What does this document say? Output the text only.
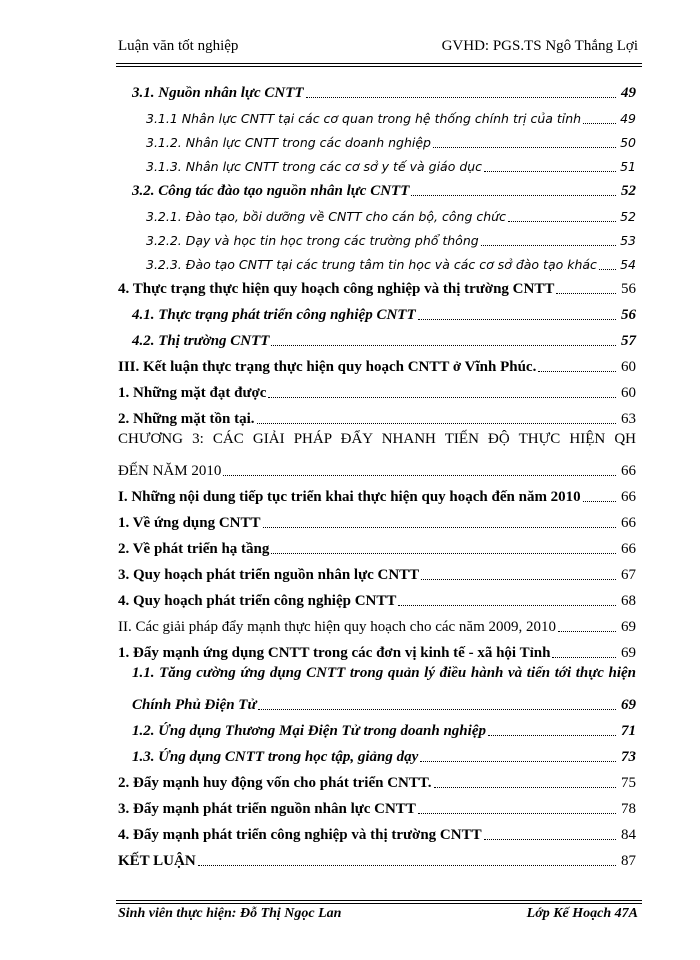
Luận văn tốt nghiệp	GVHD: PGS.TS Ngô Thắng Lợi
3.1. Nguồn nhân lực CNTT	49
3.1.1 Nhân lực CNTT tại các cơ quan trong hệ thống chính trị của tỉnh	49
3.1.2. Nhân lực CNTT trong các doanh nghiệp	50
3.1.3. Nhân lực CNTT trong các cơ sở y tế và giáo dục	51
3.2. Công tác đào tạo nguồn nhân lực CNTT	52
3.2.1. Đào tạo, bồi dưỡng về CNTT cho cán bộ, công chức	52
3.2.2. Dạy và học tin học trong các trường phổ thông	53
3.2.3. Đào tạo CNTT tại các trung tâm tin học và các cơ sở đào tạo khác 54
4. Thực trạng thực hiện quy hoạch công nghiệp và thị trường CNTT	56
4.1. Thực trạng phát triển công nghiệp CNTT	56
4.2. Thị trường CNTT	57
III. Kết luận thực trạng thực hiện quy hoạch CNTT ở Vĩnh Phúc.	60
1. Những mặt đạt được	60
2. Những mặt tồn tại.	63
CHƯƠNG 3: CÁC GIẢI PHÁP ĐẨY NHANH TIẾN ĐỘ THỰC HIỆN QH
ĐẾN NĂM 2010	66
I. Những nội dung tiếp tục triển khai thực hiện quy hoạch đến năm 2010	66
1. Về ứng dụng CNTT	66
2. Về phát triển hạ tầng	66
3. Quy hoạch phát triển nguồn nhân lực CNTT	67
4. Quy hoạch phát triển công nghiệp CNTT	68
II. Các giải pháp đẩy mạnh thực hiện quy hoạch cho các năm 2009, 2010	69
1. Đẩy mạnh ứng dụng CNTT trong các đơn vị kinh tế - xã hội Tỉnh	69
1.1. Tăng cường ứng dụng CNTT trong quản lý điều hành và tiến tới thực hiện
Chính Phủ Điện Tử	69
1.2. Ứng dụng Thương Mại Điện Tử trong doanh nghiệp	71
1.3. Ứng dụng CNTT trong học tập, giảng dạy	73
2. Đẩy mạnh huy động vốn cho phát triển CNTT.	75
3. Đẩy mạnh phát triển nguồn nhân lực CNTT	78
4. Đẩy mạnh phát triển công nghiệp và thị trường CNTT	84
KẾT LUẬN	87
Sinh viên thực hiện: Đỗ Thị Ngọc Lan	Lớp Kế Hoạch 47A
